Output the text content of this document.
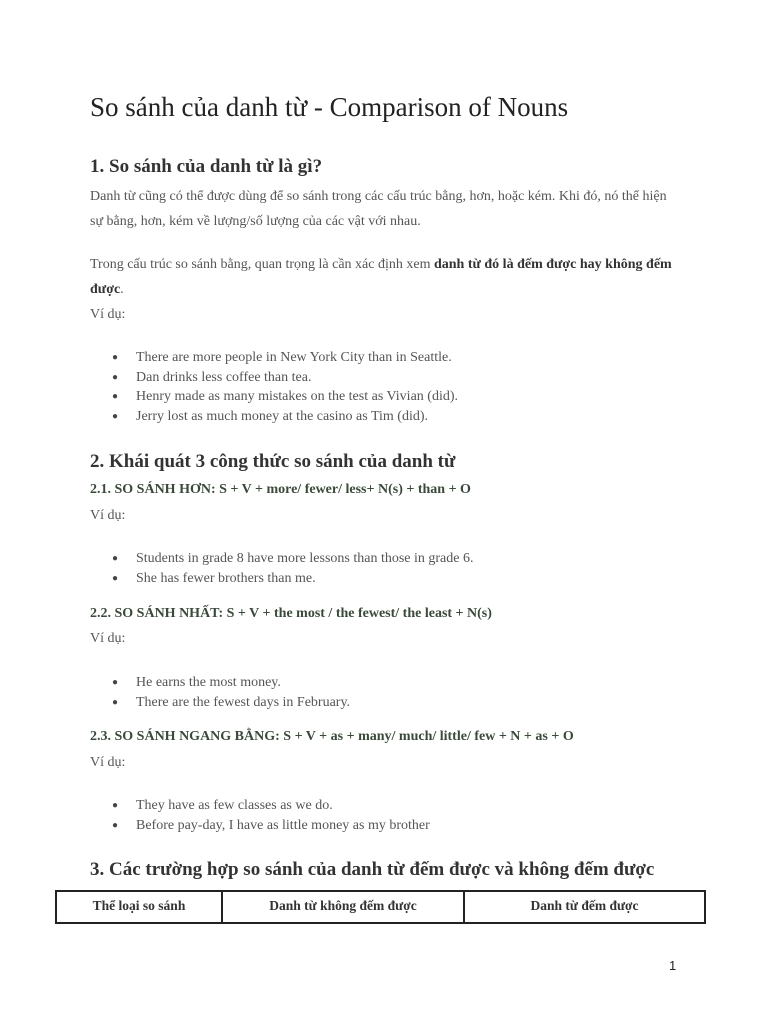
So sánh của danh từ - Comparison of Nouns
1. So sánh của danh từ là gì?
Danh từ cũng có thể được dùng để so sánh trong các cấu trúc bằng, hơn, hoặc kém. Khi đó, nó thể hiện sự bằng, hơn, kém về lượng/số lượng của các vật với nhau.
Trong cấu trúc so sánh bằng, quan trọng là cần xác định xem danh từ đó là đếm được hay không đếm được.
Ví dụ:
● There are more people in New York City than in Seattle.
● Dan drinks less coffee than tea.
● Henry made as many mistakes on the test as Vivian (did).
● Jerry lost as much money at the casino as Tim (did).
2. Khái quát 3 công thức so sánh của danh từ
2.1. SO SÁNH HƠN: S + V + more/ fewer/ less+ N(s) + than + O
Ví dụ:
● Students in grade 8 have more lessons than those in grade 6.
● She has fewer brothers than me.
2.2. SO SÁNH NHẤT: S + V + the most / the fewest/ the least + N(s)
Ví dụ:
● He earns the most money.
● There are the fewest days in February.
2.3. SO SÁNH NGANG BẰNG: S + V + as + many/ much/ little/ few + N + as + O
Ví dụ:
● They have as few classes as we do.
● Before pay-day, I have as little money as my brother
3. Các trường hợp so sánh của danh từ đếm được và không đếm được
Thể loại so sánh	Danh từ không đếm được	Danh từ đếm được
1
